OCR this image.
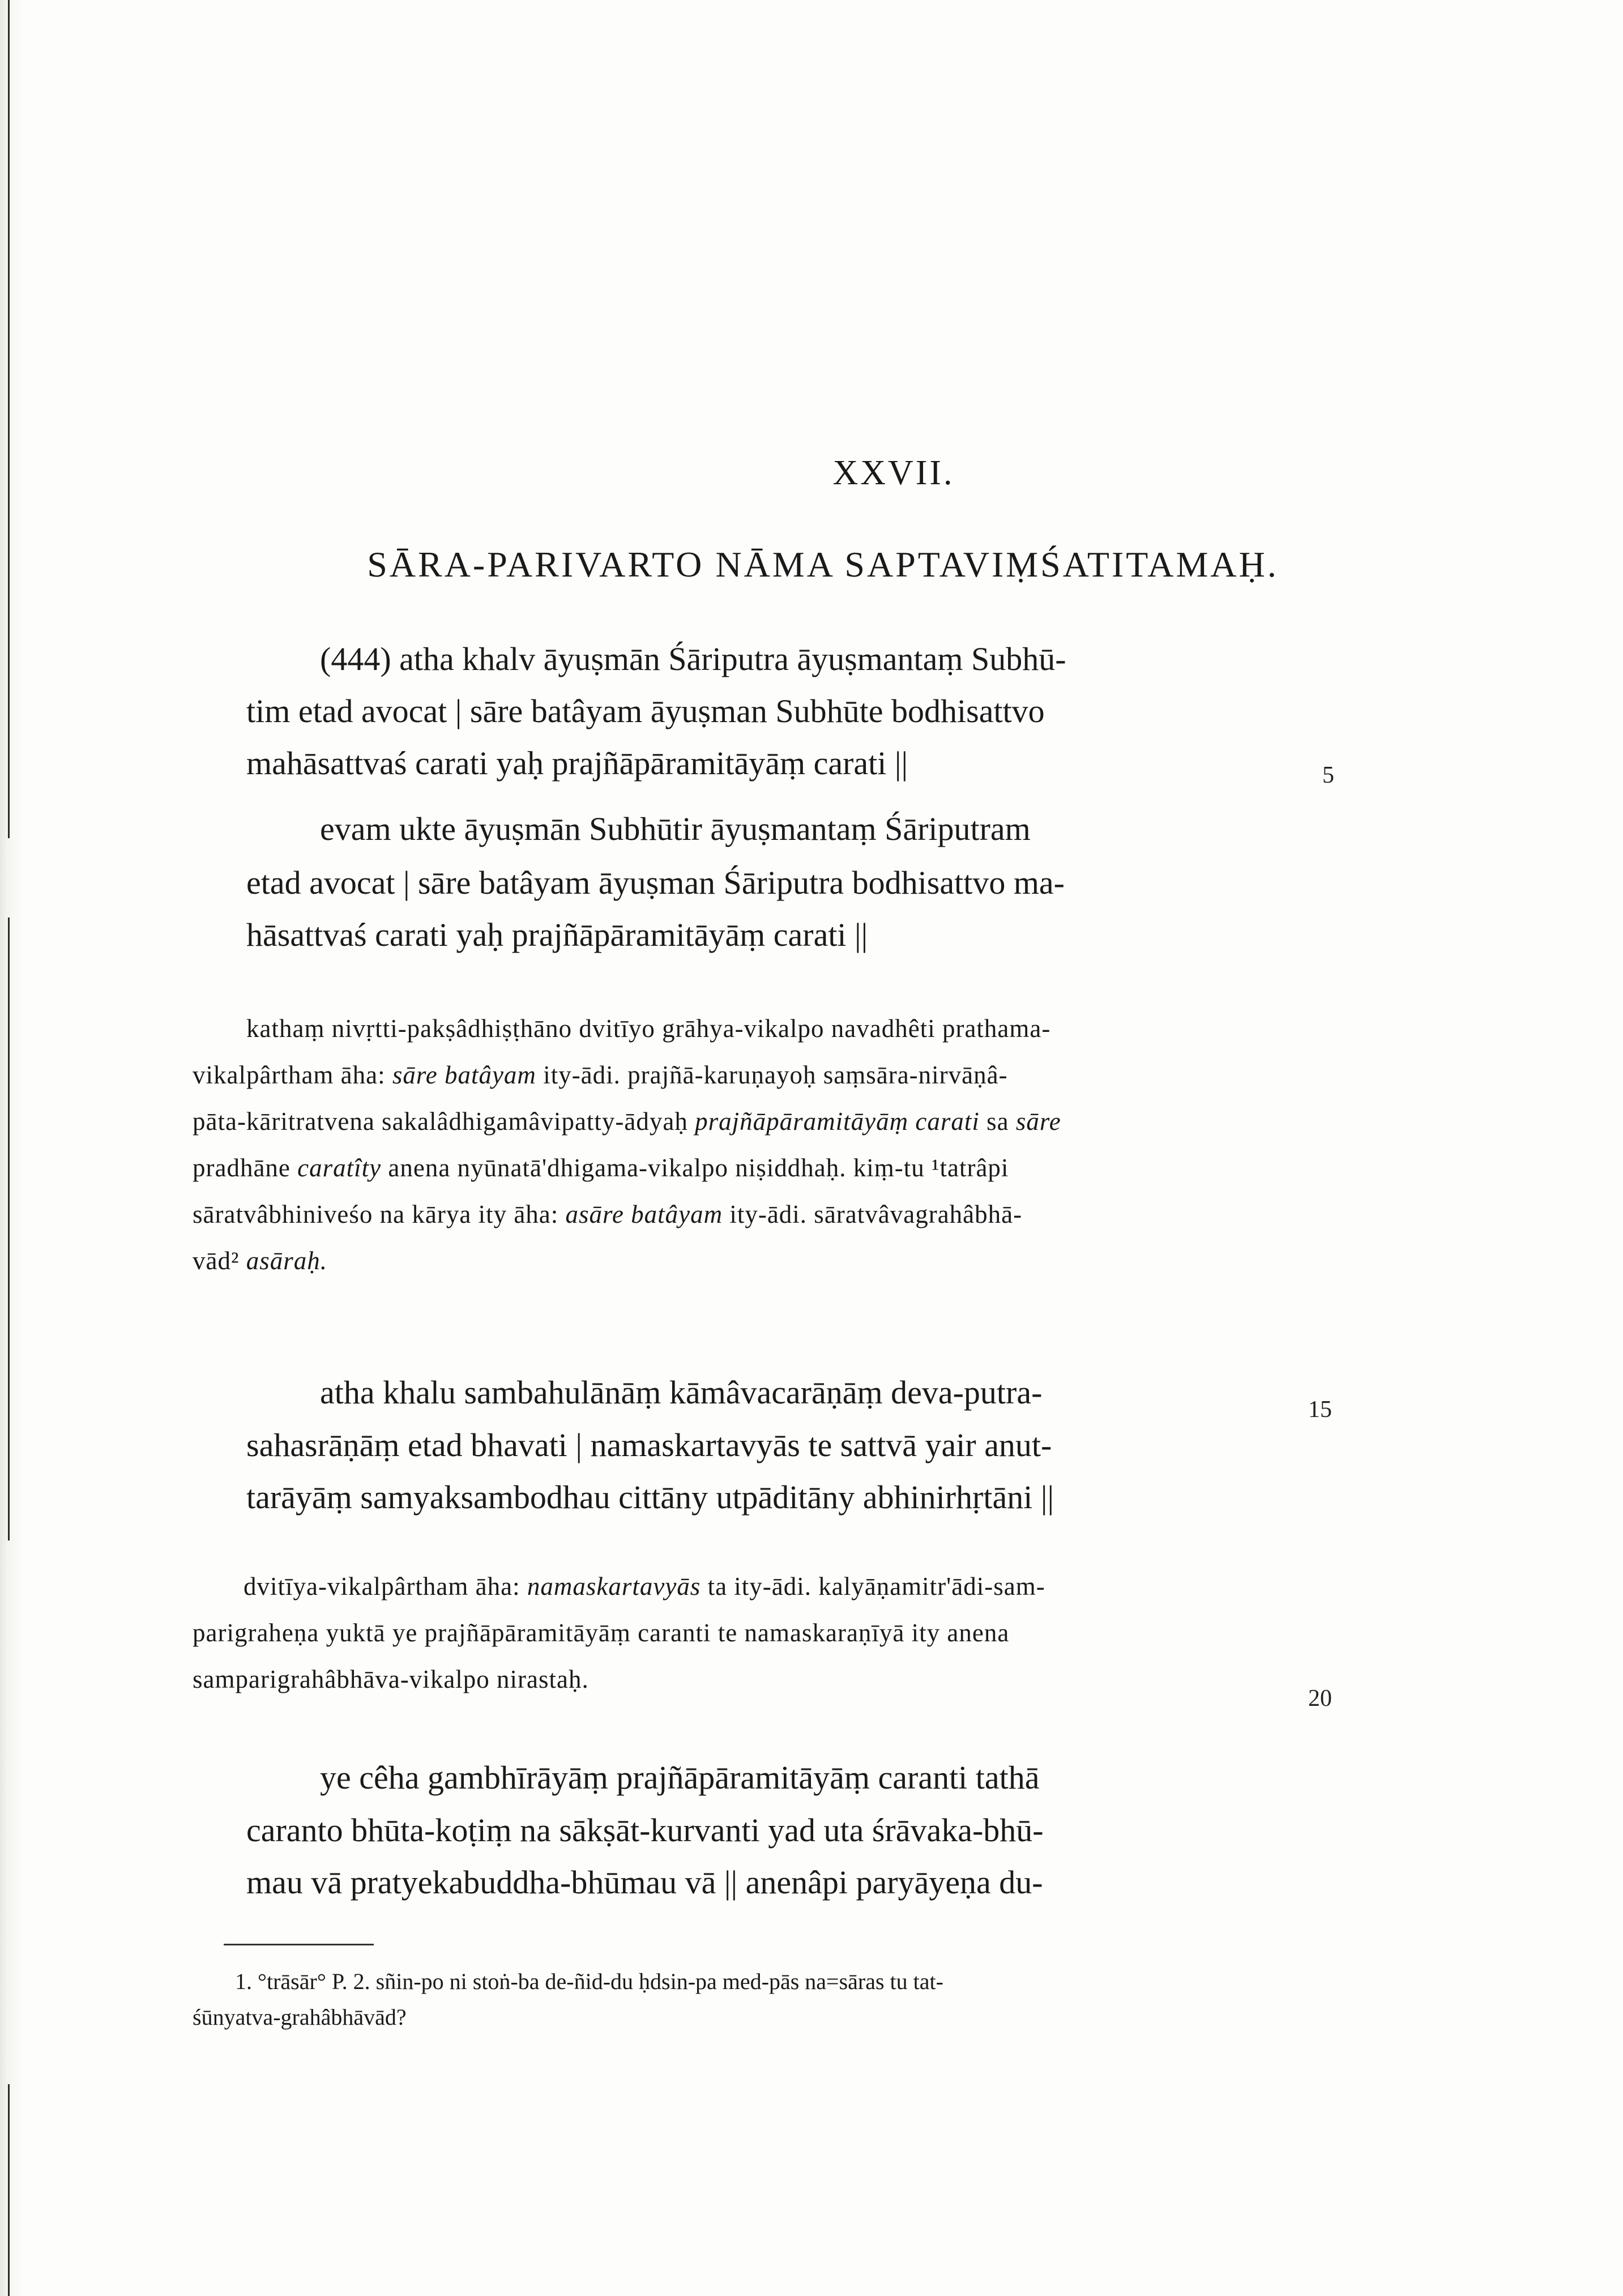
XXVII.
SĀRA-PARIVARTO NĀMA SAPTAVIṂŚATITAMAḤ.
(444) atha khalv āyuṣmān Śāriputra āyuṣmantaṃ Subhū-
tim etad avocat | sāre batâyam āyuṣman Subhūte bodhisattvo
mahāsattvaś carati yaḥ prajñāpāramitāyāṃ carati ||
evam ukte āyuṣmān Subhūtir āyuṣmantaṃ Śāriputram
etad avocat | sāre batâyam āyuṣman Śāriputra bodhisattvo ma-
hāsattvaś carati yaḥ prajñāpāramitāyāṃ carati ||
5
kathaṃ nivṛtti-pakṣâdhiṣṭhāno dvitīyo grāhya-vikalpo navadhêti prathama-
vikalpârtham āha: sāre batâyam ity-ādi. prajñā-karuṇayoḥ saṃsāra-nirvāṇâ-
pāta-kāritratvena sakalâdhigamâvipatty-ādyaḥ prajñāpāramitāyāṃ carati sa sāre
pradhāne caratîty anena nyūnatā'dhigama-vikalpo niṣiddhaḥ. kiṃ-tu ¹tatrâpi
sāratvâbhiniveśo na kārya ity āha: asāre batâyam ity-ādi. sāratvâvagrahâbhā-
vād² asāraḥ.
atha khalu sambahulānāṃ kāmâvacarāṇāṃ deva-putra-
sahasrāṇāṃ etad bhavati | namaskartavyās te sattvā yair anut-
tarāyāṃ samyaksambodhau cittāny utpāditāny abhinirhṛtāni ||
15
dvitīya-vikalpârtham āha: namaskartavyās ta ity-ādi. kalyāṇamitr'ādi-sam-
parigraheṇa yuktā ye prajñāpāramitāyāṃ caranti te namaskaraṇīyā ity anena
samparigrahâbhāva-vikalpo nirastaḥ.
20
ye cêha gambhīrāyāṃ prajñāpāramitāyāṃ caranti tathā
caranto bhūta-koṭiṃ na sākṣāt-kurvanti yad uta śrāvaka-bhū-
mau vā pratyekabuddha-bhūmau vā || anenâpi paryāyeṇa du-
1. °trāsār° P. 2. sñin-po ni stoṅ-ba de-ñid-du ḥdsin-pa med-pās na=sāras tu tat-
śūnyatva-grahâbhāvād?
